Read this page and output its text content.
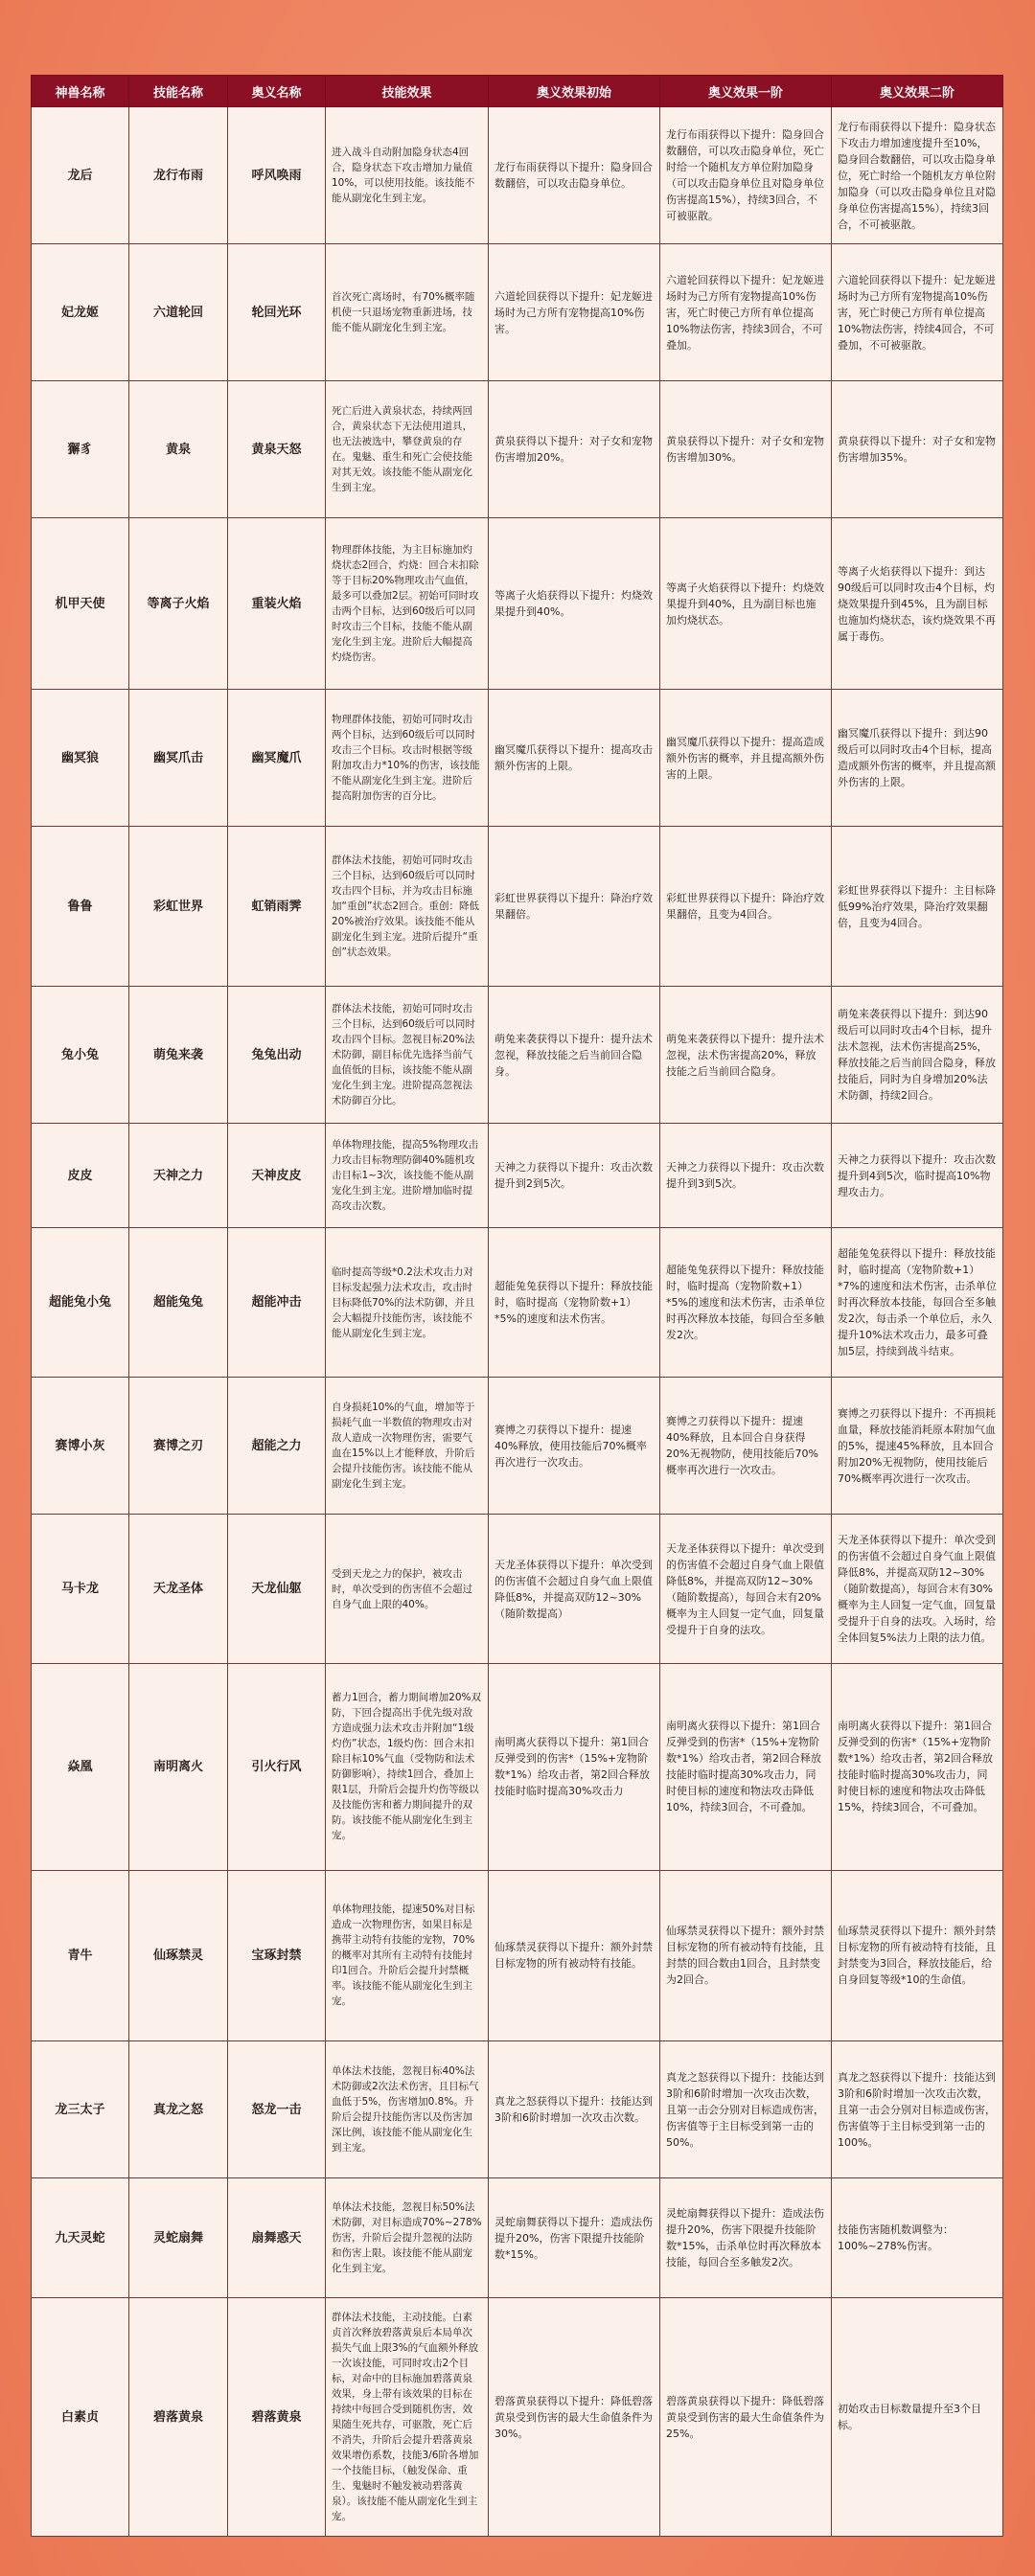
神兽名称	技能名称	奥义名称	技能效果	奥义效果初始	奥义效果一阶	奥义效果二阶
龙后	龙行布雨	呼风唤雨	进入战斗自动附加隐身状态4回合，隐身状态下攻击增加力量值10%，可以使用技能。该技能不能从副宠化生到主宠。	龙行布雨获得以下提升：隐身回合数翻倍，可以攻击隐身单位。	龙行布雨获得以下提升：隐身回合数翻倍，可以攻击隐身单位，死亡时给一个随机友方单位附加隐身（可以攻击隐身单位且对隐身单位伤害提高15%），持续3回合，不可被驱散。	龙行布雨获得以下提升：隐身状态下攻击力增加速度提升至10%，隐身回合数翻倍，可以攻击隐身单位，死亡时给一个随机友方单位附加隐身（可以攻击隐身单位且对隐身单位伤害提高15%），持续3回合，不可被驱散。
妃龙姬	六道轮回	轮回光环	首次死亡离场时，有70%概率随机使一只退场宠物重新进场，技能不能从副宠化生到主宠。	六道轮回获得以下提升：妃龙姬进场时为己方所有宠物提高10%伤害。	六道轮回获得以下提升：妃龙姬进场时为己方所有宠物提高10%伤害，死亡时使己方所有单位提高10%物法伤害，持续3回合，不可叠加。	六道轮回获得以下提升：妃龙姬进场时为己方所有宠物提高10%伤害，死亡时使己方所有单位提高10%物法伤害，持续4回合，不可叠加，不可被驱散。
獬豸	黄泉	黄泉天怒	死亡后进入黄泉状态，持续两回合，黄泉状态下无法使用道具，也无法被选中，攀登黄泉的存在。鬼魅、重生和死亡会使技能对其无效。该技能不能从副宠化生到主宠。	黄泉获得以下提升：对子女和宠物伤害增加20%。	黄泉获得以下提升：对子女和宠物伤害增加30%。	黄泉获得以下提升：对子女和宠物伤害增加35%。
机甲天使	等离子火焰	重装火焰	物理群体技能，为主目标施加灼烧状态2回合，灼烧：回合末扣除等于目标20%物理攻击气血值，最多可以叠加2层。初始可同时攻击两个目标，达到60级后可以同时攻击三个目标，技能不能从副宠化生到主宠。进阶后大幅提高灼烧伤害。	等离子火焰获得以下提升：灼烧效果提升到40%。	等离子火焰获得以下提升：灼烧效果提升到40%，且为副目标也施加灼烧状态。	等离子火焰获得以下提升：到达90级后可以同时攻击4个目标，灼烧效果提升到45%，且为副目标也施加灼烧状态，该灼烧效果不再属于毒伤。
幽冥狼	幽冥爪击	幽冥魔爪	物理群体技能，初始可同时攻击两个目标，达到60级后可以同时攻击三个目标。攻击时根据等级附加攻击力*10%的伤害，该技能不能从副宠化生到主宠。进阶后提高附加伤害的百分比。	幽冥魔爪获得以下提升：提高攻击额外伤害的上限。	幽冥魔爪获得以下提升：提高造成额外伤害的概率，并且提高额外伤害的上限。	幽冥魔爪获得以下提升：到达90级后可以同时攻击4个目标，提高造成额外伤害的概率，并且提高额外伤害的上限。
鲁鲁	彩虹世界	虹销雨霁	群体法术技能，初始可同时攻击三个目标，达到60级后可以同时攻击四个目标，并为攻击目标施加“重创”状态2回合。重创：降低20%被治疗效果。该技能不能从副宠化生到主宠。进阶后提升“重创”状态效果。	彩虹世界获得以下提升：降治疗效果翻倍。	彩虹世界获得以下提升：降治疗效果翻倍，且变为4回合。	彩虹世界获得以下提升：主目标降低99%治疗效果，降治疗效果翻倍，且变为4回合。
兔小兔	萌兔来袭	兔兔出动	群体法术技能，初始可同时攻击三个目标，达到60级后可以同时攻击四个目标。忽视目标20%法术防御，副目标优先选择当前气血值低的目标，该技能不能从副宠化生到主宠。进阶提高忽视法术防御百分比。	萌兔来袭获得以下提升：提升法术忽视，释放技能之后当前回合隐身。	萌兔来袭获得以下提升：提升法术忽视，法术伤害提高20%，释放技能之后当前回合隐身。	萌兔来袭获得以下提升：到达90级后可以同时攻击4个目标，提升法术忽视，法术伤害提高25%，释放技能之后当前回合隐身，释放技能后，同时为自身增加20%法术防御，持续2回合。
皮皮	天神之力	天神皮皮	单体物理技能，提高5%物理攻击力攻击目标物理防御40%随机攻击目标1~3次，该技能不能从副宠化生到主宠。进阶增加临时提高攻击次数。	天神之力获得以下提升：攻击次数提升到2到5次。	天神之力获得以下提升：攻击次数提升到3到5次。	天神之力获得以下提升：攻击次数提升到4到5次，临时提高10%物理攻击力。
超能兔小兔	超能兔兔	超能冲击	临时提高等级*0.2法术攻击力对目标发起强力法术攻击，攻击时目标降低70%的法术防御，并且会大幅提升技能伤害，该技能不能从副宠化生到主宠。	超能兔兔获得以下提升：释放技能时，临时提高（宠物阶数+1）*5%的速度和法术伤害。	超能兔兔获得以下提升：释放技能时，临时提高（宠物阶数+1）*5%的速度和法术伤害，击杀单位时再次释放本技能，每回合至多触发2次。	超能兔兔获得以下提升：释放技能时，临时提高（宠物阶数+1）*7%的速度和法术伤害，击杀单位时再次释放本技能，每回合至多触发2次，每击杀一个单位后，永久提升10%法术攻击力，最多可叠加5层，持续到战斗结束。
赛博小灰	赛博之刃	超能之力	自身损耗10%的气血，增加等于损耗气血一半数值的物理攻击对敌人造成一次物理伤害，需要气血在15%以上才能释放，升阶后会提升技能伤害。该技能不能从副宠化生到主宠。	赛博之刃获得以下提升：提速40%释放，使用技能后70%概率再次进行一次攻击。	赛博之刃获得以下提升：提速40%释放，且本回合自身获得20%无视物防，使用技能后70%概率再次进行一次攻击。	赛博之刃获得以下提升：不再损耗血量，释放技能消耗原本附加气血的5%，提速45%释放，且本回合附加20%无视物防，使用技能后70%概率再次进行一次攻击。
马卡龙	天龙圣体	天龙仙躯	受到天龙之力的保护，被攻击时，单次受到的伤害值不会超过自身气血上限的40%。	天龙圣体获得以下提升：单次受到的伤害值不会超过自身气血上限值降低8%，并提高双防12~30%（随阶数提高）	天龙圣体获得以下提升：单次受到的伤害值不会超过自身气血上限值降低8%，并提高双防12~30%（随阶数提高），每回合末有20%概率为主人回复一定气血，回复量受提升于自身的法攻。	天龙圣体获得以下提升：单次受到的伤害值不会超过自身气血上限值降低8%，并提高双防12~30%（随阶数提高），每回合末有30%概率为主人回复一定气血，回复量受提升于自身的法攻。入场时，给全体回复5%法力上限的法力值。
焱凰	南明离火	引火行风	蓄力1回合，蓄力期间增加20%双防，下回合提高出手优先级对敌方造成强力法术攻击并附加“1级灼伤”状态，1级灼伤：回合末扣除目标10%气血（受物防和法术防御影响），持续1回合，叠加上限1层，升阶后会提升灼伤等级以及技能伤害和蓄力期间提升的双防。该技能不能从副宠化生到主宠。	南明离火获得以下提升：第1回合反弹受到的伤害*（15%+宠物阶数*1%）给攻击者，第2回合释放技能时临时提高30%攻击力	南明离火获得以下提升：第1回合反弹受到的伤害*（15%+宠物阶数*1%）给攻击者，第2回合释放技能时临时提高30%攻击力，同时使目标的速度和物法攻击降低10%，持续3回合，不可叠加。	南明离火获得以下提升：第1回合反弹受到的伤害*（15%+宠物阶数*1%）给攻击者，第2回合释放技能时临时提高30%攻击力，同时使目标的速度和物法攻击降低15%，持续3回合，不可叠加。
青牛	仙琢禁灵	宝琢封禁	单体物理技能，提速50%对目标造成一次物理伤害，如果目标是携带主动特有技能的宠物，70%的概率对其所有主动特有技能封印1回合。升阶后会提升封禁概率。该技能不能从副宠化生到主宠。	仙琢禁灵获得以下提升：额外封禁目标宠物的所有被动特有技能。	仙琢禁灵获得以下提升：额外封禁目标宠物的所有被动特有技能，且封禁的回合数由1回合，且封禁变为2回合。	仙琢禁灵获得以下提升：额外封禁目标宠物的所有被动特有技能，且封禁变为3回合，释放技能后，给自身回复等级*10的生命值。
龙三太子	真龙之怒	怒龙一击	单体法术技能，忽视目标40%法术防御或2次法术伤害，且目标气血低于5%，伤害增加0.8%。升阶后会提升技能伤害以及伤害加深比例，该技能不能从副宠化生到主宠。	真龙之怒获得以下提升：技能达到3阶和6阶时增加一次攻击次数。	真龙之怒获得以下提升：技能达到3阶和6阶时增加一次攻击次数，且第一击会分别对目标造成伤害，伤害值等于主目标受到第一击的50%。	真龙之怒获得以下提升：技能达到3阶和6阶时增加一次攻击次数，且第一击会分别对目标造成伤害，伤害值等于主目标受到第一击的100%。
九天灵蛇	灵蛇扇舞	扇舞惑天	单体法术技能，忽视目标50%法术防御，对目标造成70%~278%伤害，升阶后会提升忽视的法防和伤害上限。该技能不能从副宠化生到主宠。	灵蛇扇舞获得以下提升：造成法伤提升20%，伤害下限提升技能阶数*15%。	灵蛇扇舞获得以下提升：造成法伤提升20%，伤害下限提升技能阶数*15%，击杀单位时再次释放本技能，每回合至多触发2次。	技能伤害随机数调整为：100%~278%伤害。
白素贞	碧落黄泉	碧落黄泉	群体法术技能，主动技能。白素贞首次释放碧落黄泉后本局单次损失气血上限3%的气血额外释放一次该技能，可同时攻击2个目标，对命中的目标施加碧落黄泉效果，身上带有该效果的目标在持续中每回合受到随机伤害，效果随生死共存，可驱散，死亡后不消失，升阶后会提升碧落黄泉效果增伤系数，技能3/6阶各增加一个技能目标，（触发保命、重生、鬼魅时不触发被动碧落黄泉）。该技能不能从副宠化生到主宠。	碧落黄泉获得以下提升：降低碧落黄泉受到伤害的最大生命值条件为30%。	碧落黄泉获得以下提升：降低碧落黄泉受到伤害的最大生命值条件为25%。	初始攻击目标数量提升至3个目标。
